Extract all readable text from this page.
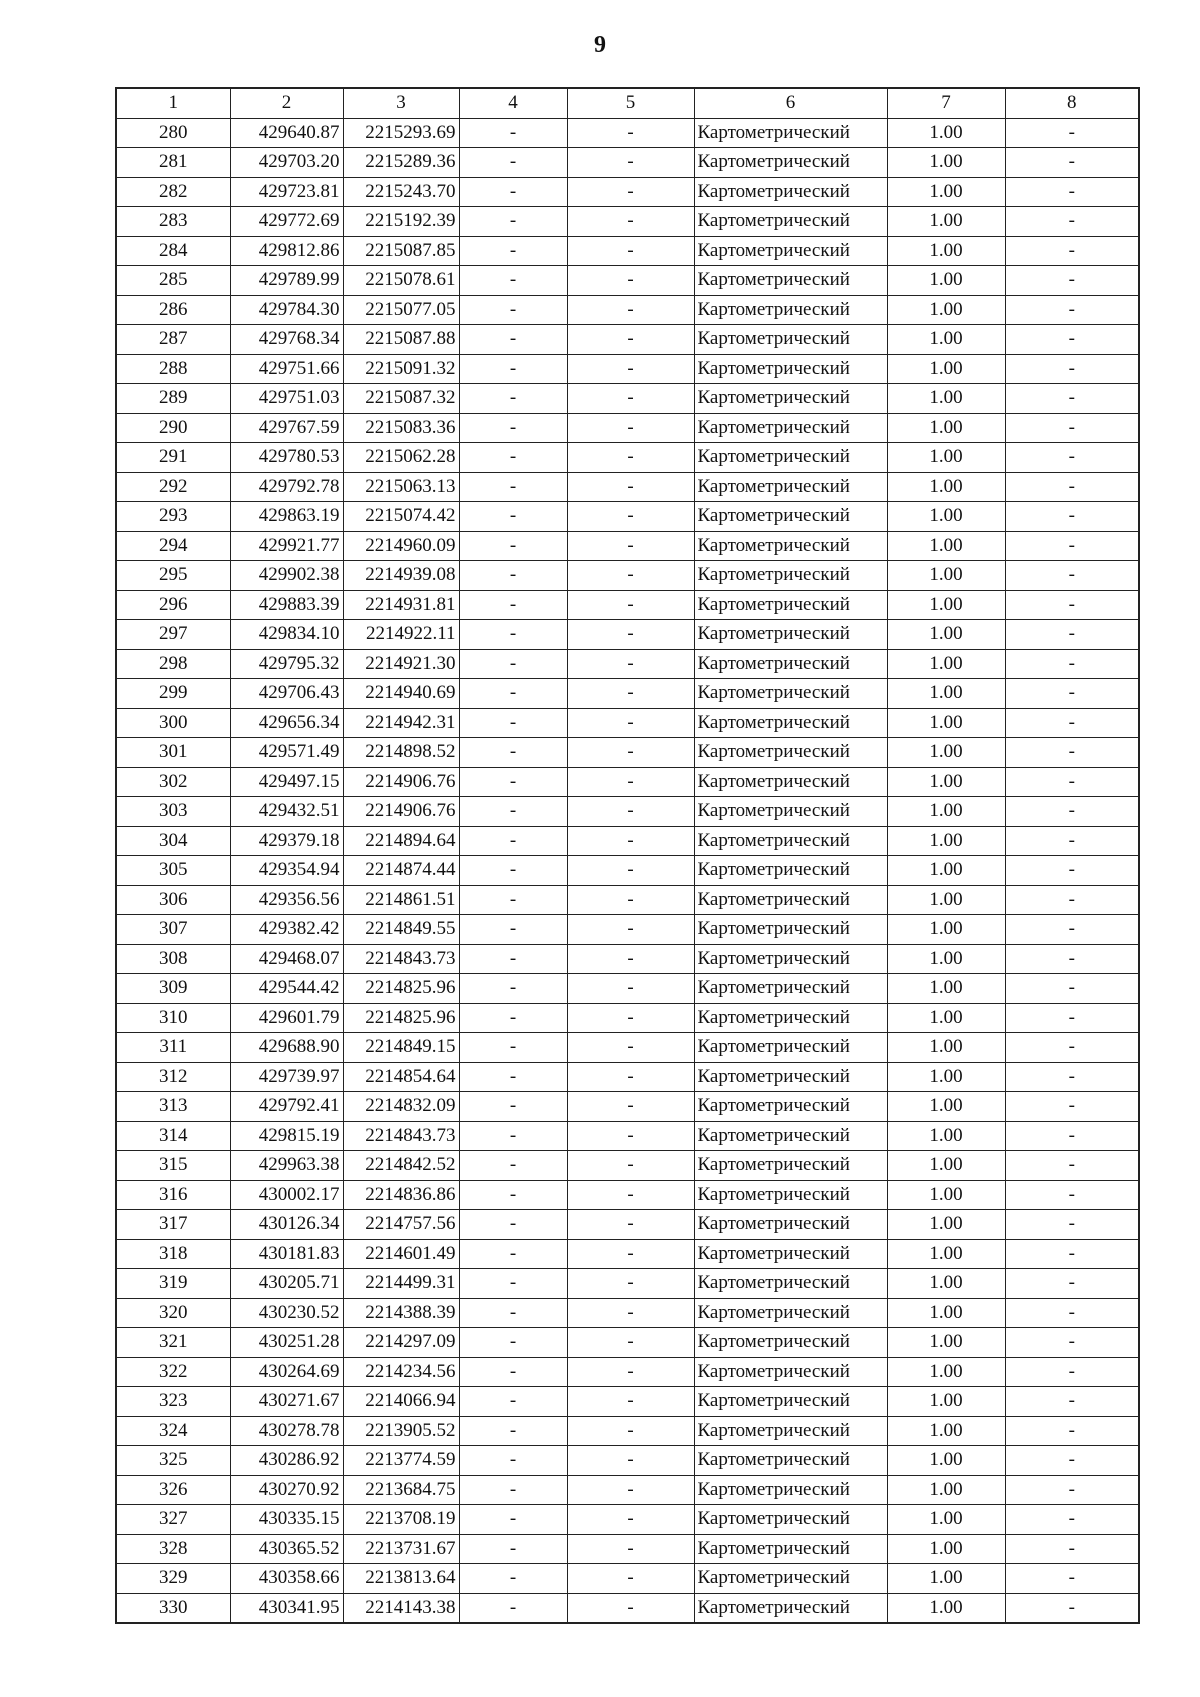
9
1	2	3	4	5	6	7	8
280	429640.87	2215293.69	-	-	Картометрический	1.00	-
281	429703.20	2215289.36	-	-	Картометрический	1.00	-
282	429723.81	2215243.70	-	-	Картометрический	1.00	-
283	429772.69	2215192.39	-	-	Картометрический	1.00	-
284	429812.86	2215087.85	-	-	Картометрический	1.00	-
285	429789.99	2215078.61	-	-	Картометрический	1.00	-
286	429784.30	2215077.05	-	-	Картометрический	1.00	-
287	429768.34	2215087.88	-	-	Картометрический	1.00	-
288	429751.66	2215091.32	-	-	Картометрический	1.00	-
289	429751.03	2215087.32	-	-	Картометрический	1.00	-
290	429767.59	2215083.36	-	-	Картометрический	1.00	-
291	429780.53	2215062.28	-	-	Картометрический	1.00	-
292	429792.78	2215063.13	-	-	Картометрический	1.00	-
293	429863.19	2215074.42	-	-	Картометрический	1.00	-
294	429921.77	2214960.09	-	-	Картометрический	1.00	-
295	429902.38	2214939.08	-	-	Картометрический	1.00	-
296	429883.39	2214931.81	-	-	Картометрический	1.00	-
297	429834.10	2214922.11	-	-	Картометрический	1.00	-
298	429795.32	2214921.30	-	-	Картометрический	1.00	-
299	429706.43	2214940.69	-	-	Картометрический	1.00	-
300	429656.34	2214942.31	-	-	Картометрический	1.00	-
301	429571.49	2214898.52	-	-	Картометрический	1.00	-
302	429497.15	2214906.76	-	-	Картометрический	1.00	-
303	429432.51	2214906.76	-	-	Картометрический	1.00	-
304	429379.18	2214894.64	-	-	Картометрический	1.00	-
305	429354.94	2214874.44	-	-	Картометрический	1.00	-
306	429356.56	2214861.51	-	-	Картометрический	1.00	-
307	429382.42	2214849.55	-	-	Картометрический	1.00	-
308	429468.07	2214843.73	-	-	Картометрический	1.00	-
309	429544.42	2214825.96	-	-	Картометрический	1.00	-
310	429601.79	2214825.96	-	-	Картометрический	1.00	-
311	429688.90	2214849.15	-	-	Картометрический	1.00	-
312	429739.97	2214854.64	-	-	Картометрический	1.00	-
313	429792.41	2214832.09	-	-	Картометрический	1.00	-
314	429815.19	2214843.73	-	-	Картометрический	1.00	-
315	429963.38	2214842.52	-	-	Картометрический	1.00	-
316	430002.17	2214836.86	-	-	Картометрический	1.00	-
317	430126.34	2214757.56	-	-	Картометрический	1.00	-
318	430181.83	2214601.49	-	-	Картометрический	1.00	-
319	430205.71	2214499.31	-	-	Картометрический	1.00	-
320	430230.52	2214388.39	-	-	Картометрический	1.00	-
321	430251.28	2214297.09	-	-	Картометрический	1.00	-
322	430264.69	2214234.56	-	-	Картометрический	1.00	-
323	430271.67	2214066.94	-	-	Картометрический	1.00	-
324	430278.78	2213905.52	-	-	Картометрический	1.00	-
325	430286.92	2213774.59	-	-	Картометрический	1.00	-
326	430270.92	2213684.75	-	-	Картометрический	1.00	-
327	430335.15	2213708.19	-	-	Картометрический	1.00	-
328	430365.52	2213731.67	-	-	Картометрический	1.00	-
329	430358.66	2213813.64	-	-	Картометрический	1.00	-
330	430341.95	2214143.38	-	-	Картометрический	1.00	-
